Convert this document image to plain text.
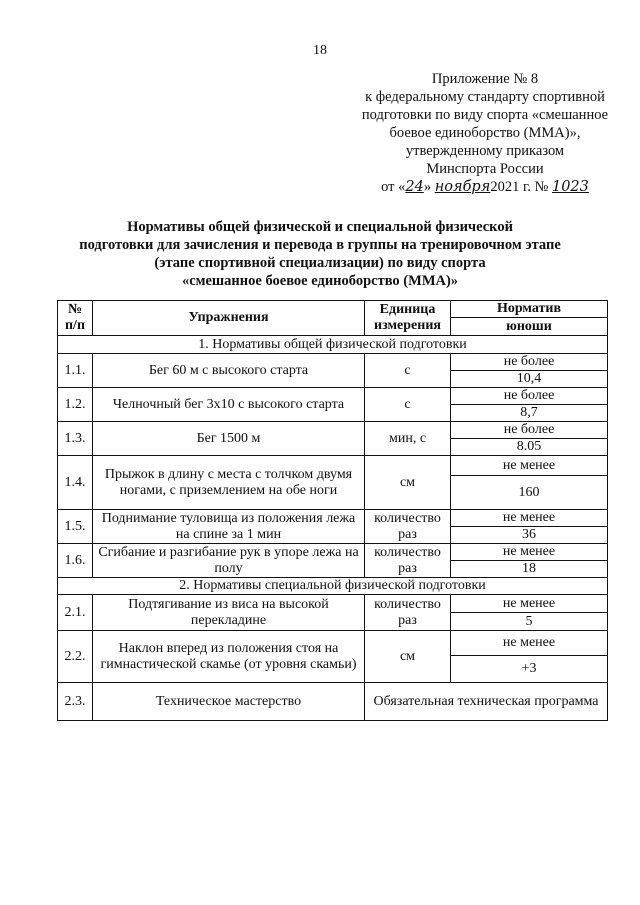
18
Приложение № 8
к федеральному стандарту спортивной
подготовки по виду спорта «смешанное
боевое единоборство (ММА)»,
утвержденному приказом
Минспорта России
от «24» ноября2021 г. № 1023
Нормативы общей физической и специальной физической
подготовки для зачисления и перевода в группы на тренировочном этапе
(этапе спортивной специализации) по виду спорта
«смешанное боевое единоборство (ММА)»
№ п/п	Упражнения	Единица измерения	Норматив
			юноши
1. Нормативы общей физической подготовки			
1.1.	Бег 60 м с высокого старта	с	не более
			10,4
1.2.	Челночный бег 3х10 с высокого старта	с	не более
			8,7
1.3.	Бег 1500 м	мин, с	не более
			8.05
1.4.	Прыжок в длину с места с толчком двумя ногами, с приземлением на обе ноги	см	не менее
			160
1.5.	Поднимание туловища из положения лежа на спине за 1 мин	количество
раз	не менее
			36
1.6.	Сгибание и разгибание рук в упоре лежа на полу	количество
раз	не менее
			18
2. Нормативы специальной физической подготовки			
2.1.	Подтягивание из виса на высокой перекладине	количество
раз	не менее
			5
2.2.	Наклон вперед из положения стоя на гимнастической скамье (от уровня скамьи)	см	не менее
			+3
2.3.	Техническое мастерство	Обязательная техническая программа	
